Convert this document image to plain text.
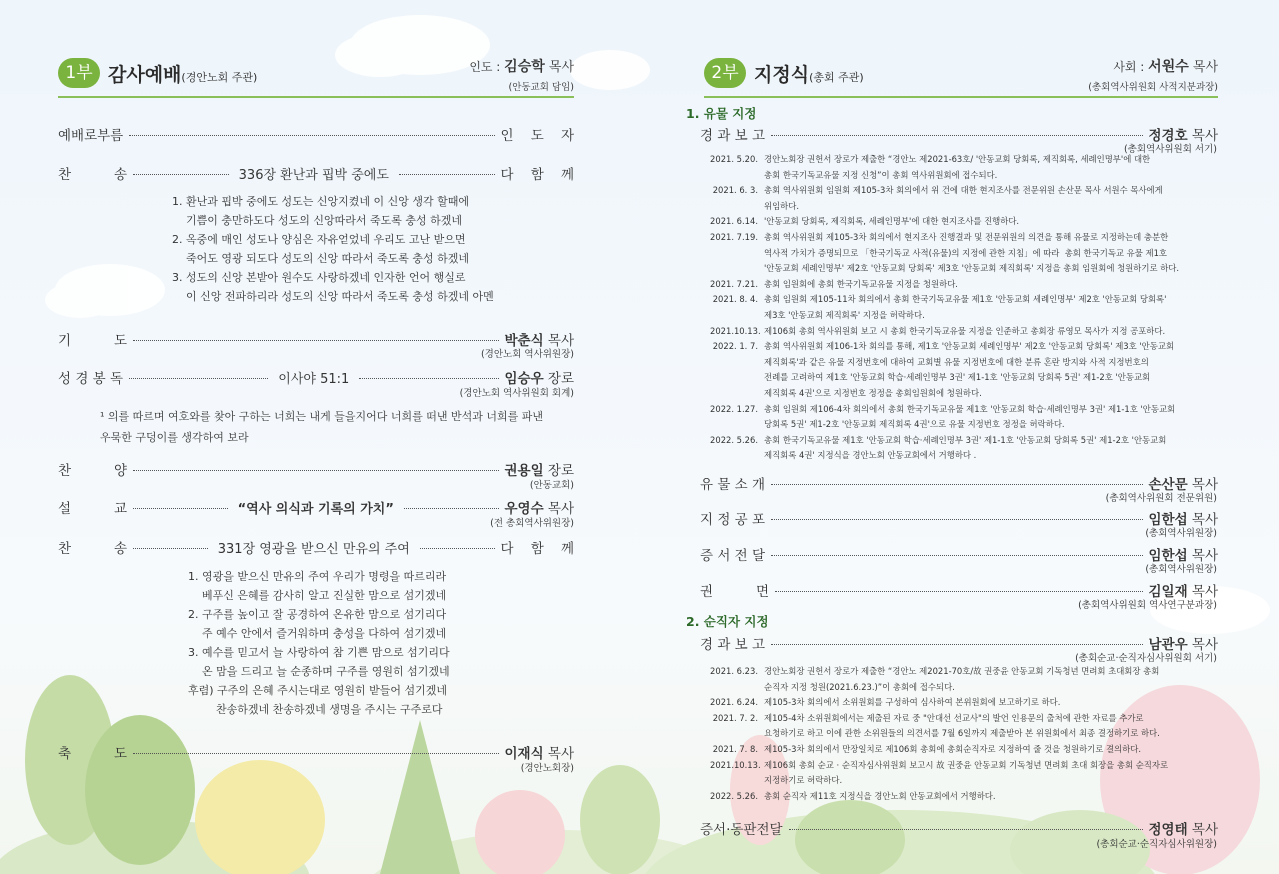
1부 감사예배(경안노회 주관)
인도 : 김승학 목사
(안동교회 담임)
예배로부름	인    도    자
찬          송	336장 환난과 핍박 중에도	다    함    께
1. 환난과 핍박 중에도 성도는 신앙지켰네 이 신앙 생각 할때에
기쁨이 충만하도다 성도의 신앙따라서 죽도록 충성 하겠네
2. 옥중에 매인 성도나 양심은 자유얻었네 우리도 고난 받으면
죽어도 영광 되도다 성도의 신앙 따라서 죽도록 충성 하겠네
3. 성도의 신앙 본받아 원수도 사랑하겠네 인자한 언어 행실로
이 신앙 전파하리라 성도의 신앙 따라서 죽도록 충성 하겠네 아멘
기          도	박춘식 목사
(경안노회 역사위원장)
성 경 봉 독	이사야 51:1	임승우 장로
(경안노회 역사위원회 회계)
¹ 의를 따르며 여호와를 찾아 구하는 너희는 내게 들을지어다 너희를 떠낸 반석과 너희를 파낸
우묵한 구덩이를 생각하여 보라
찬          양	권용일 장로
(안동교회)
설          교	“역사 의식과 기록의 가치”	우영수 목사
(전 총회역사위원장)
찬          송	331장 영광을 받으신 만유의 주여	다    함    께
1. 영광을 받으신 만유의 주여 우리가 명령을 따르리라
베푸신 은혜를 감사히 알고 진실한 맘으로 섬기겠네
2. 구주를 높이고 잘 공경하여 온유한 맘으로 섬기리다
주 예수 안에서 즐거워하며 충성을 다하여 섬기겠네
3. 예수를 믿고서 늘 사랑하여 참 기쁜 맘으로 섬기리다
온 맘을 드리고 늘 순종하며 구주를 영원히 섬기겠네
후렴) 구주의 은혜 주시는대로 영원히 받들어 섬기겠네
찬송하겠네 찬송하겠네 생명을 주시는 구주로다
축          도	이재식 목사
(경안노회장)
2부 지정식(총회 주관)
사회 : 서원수 목사
(총회역사위원회 사적지분과장)
1. 유물 지정
경 과 보 고	정경호 목사
(총회역사위원회 서기)
2021. 5.20. 경안노회장 권헌서 장로가 제출한 “경안노 제2021-63호/ '안동교회 당회록, 제직회록, 세례인명부'에 대한
총회 한국기독교유물 지정 신청”이 총회 역사위원회에 접수되다.
2021. 6. 3. 총회 역사위원회 임원회 제105-3차 회의에서 위 건에 대한 현지조사를 전문위원 손산문 목사 서원수 목사에게
위임하다.
2021. 6.14. '안동교회 당회록, 제직회록, 세례인명부'에 대한 현지조사를 진행하다.
2021. 7.19. 총회 역사위원회 제105-3차 회의에서 현지조사 진행결과 및 전문위원의 의견을 통해 유물로 지정하는데 충분한
역사적 가치가 증명되므로 「한국기독교 사적(유물)의 지정에 관한 지침」에 따라  총회 한국기독교 유물 제1호
'안동교회 세례인명부' 제2호 '안동교회 당회록' 제3호 '안동교회 제직회록' 지정을 총회 임원회에 청원하기로 하다.
2021. 7.21. 총회 임원회에 총회 한국기독교유물 지정을 청원하다.
2021. 8. 4. 총회 임원회 제105-11차 회의에서 총회 한국기독교유물 제1호 '안동교회 세례인명부' 제2호 '안동교회 당회록'
제3호 '안동교회 제직회록' 지정을 허락하다.
2021.10.13. 제106회 총회 역사위원회 보고 시 총회 한국기독교유물 지정을 인준하고 총회장 류영모 목사가 지정 공포하다.
2022. 1. 7. 총회 역사위원회 제106-1차 회의를 통해, 제1호 '안동교회 세례인명부' 제2호 '안동교회 당회록' 제3호 '안동교회
제직회록'과 같은 유물 지정번호에 대하여 교회별 유물 지정번호에 대한 분류 혼란 방지와 사적 지정번호의
전례를 고려하여 제1호 '안동교회 학습·세례인명부 3권' 제1-1호 '안동교회 당회록 5권' 제1-2호 '안동교회
제직회록 4권'으로 지정번호 정정을 총회임원회에 청원하다.
2022. 1.27. 총회 임원회 제106-4차 회의에서 총회 한국기독교유물 제1호 '안동교회 학습·세례인명부 3권' 제1-1호 '안동교회
당회록 5권' 제1-2호 '안동교회 제직회록 4권'으로 유물 지정번호 정정을 허락하다.
2022. 5.26. 총회 한국기독교유물 제1호 '안동교회 학습·세례인명부 3권' 제1-1호 '안동교회 당회록 5권' 제1-2호 '안동교회
제직회록 4권' 지정식을 경안노회 안동교회에서 거행하다 .
유 물 소 개	손산문 목사
(총회역사위원회 전문위원)
지 정 공 포	임한섭 목사
(총회역사위원장)
증 서 전 달	임한섭 목사
(총회역사위원장)
권          면	김일재 목사
(총회역사위원회 역사연구분과장)
2. 순직자 지정
경 과 보 고	남관우 목사
(총회순교·순직자심사위원회 서기)
2021. 6.23. 경안노회장 권헌서 장로가 제출한 “경안노 제2021-70호/故 권중윤 안동교회 기독청년 면려회 초대회장 총회
순직자 지정 청원(2021.6.23.)”이 총회에 접수되다.
2021. 6.24. 제105-3차 회의에서 소위원회를 구성하여 심사하여 본위원회에 보고하기로 하다.
2021. 7. 2. 제105-4차 소위원회에서는 제출된 자료 중 "안대선 선교사"의 발언 인용문의 출처에 관한 자료를 추가로
요청하기로 하고 이에 관한 소위원들의 의견서를 7월 6일까지 제출받아 본 위원회에서 최종 결정하기로 하다.
2021. 7. 8. 제105-3차 회의에서 만장일치로 제106회 총회에 총회순직자로 지정하여 줄 것을 청원하기로 결의하다.
2021.10.13. 제106회 총회 순교 · 순직자심사위원회 보고시 故 권중윤 안동교회 기독청년 면려회 초대 회장을 총회 순직자로
지정하기로 허락하다.
2022. 5.26. 총회 순직자 제11호 지정식을 경안노회 안동교회에서 거행하다.
증서·동판전달	정영태 목사
(총회순교·순직자심사위원장)
